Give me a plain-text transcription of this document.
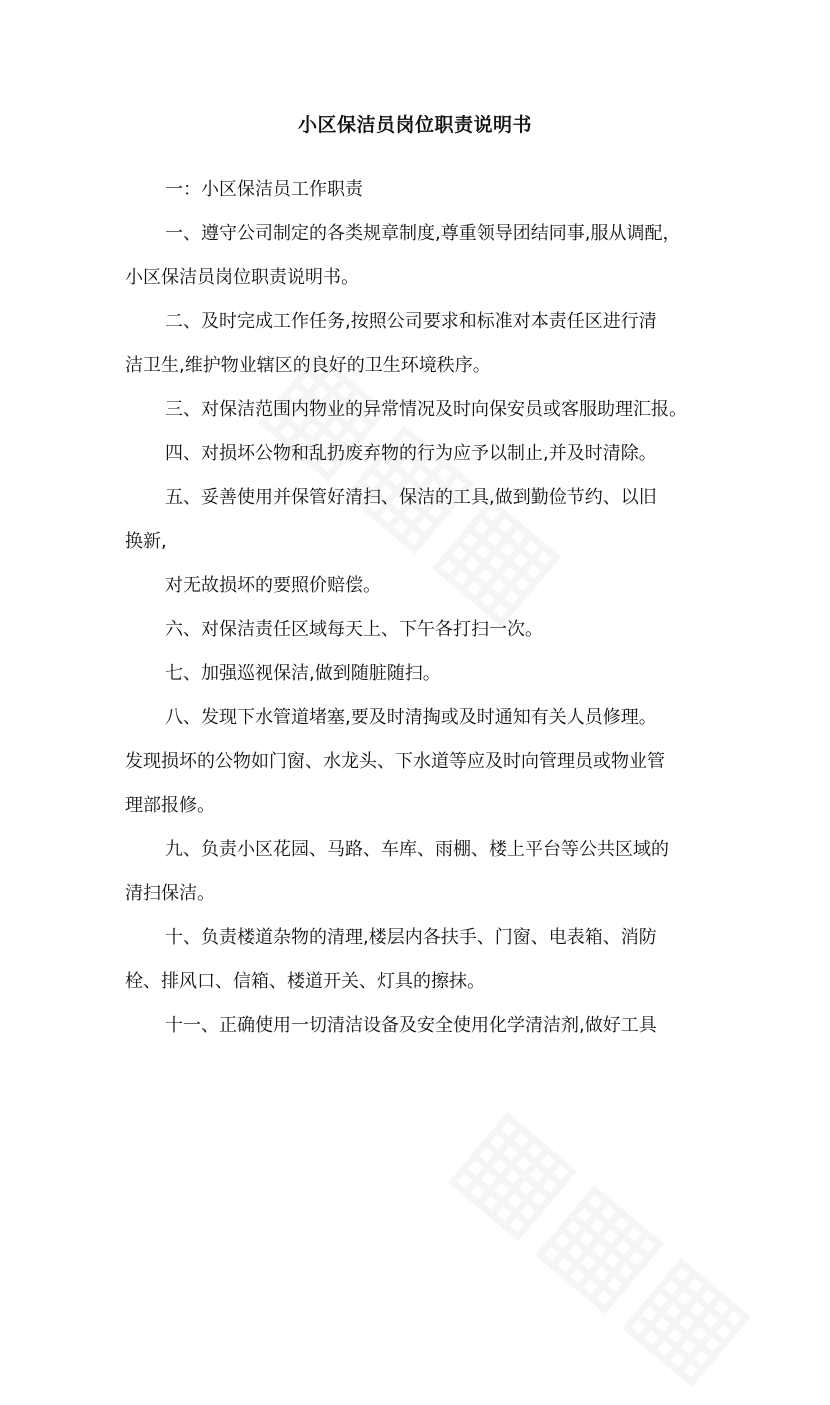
小区保洁员岗位职责说明书
一：小区保洁员工作职责
一、遵守公司制定的各类规章制度,尊重领导团结同事,服从调配，
小区保洁员岗位职责说明书。
二、及时完成工作任务,按照公司要求和标准对本责任区进行清
洁卫生,维护物业辖区的良好的卫生环境秩序。
三、对保洁范围内物业的异常情况及时向保安员或客服助理汇报。
四、对损坏公物和乱扔废弃物的行为应予以制止,并及时清除。
五、妥善使用并保管好清扫、保洁的工具,做到勤俭节约、以旧
换新,
对无故损坏的要照价赔偿。
六、对保洁责任区域每天上、下午各打扫一次。
七、加强巡视保洁,做到随脏随扫。
八、发现下水管道堵塞,要及时清掏或及时通知有关人员修理。
发现损坏的公物如门窗、水龙头、下水道等应及时向管理员或物业管
理部报修。
九、负责小区花园、马路、车库、雨棚、楼上平台等公共区域的
清扫保洁。
十、负责楼道杂物的清理,楼层内各扶手、门窗、电表箱、消防
栓、排风口、信箱、楼道开关、灯具的擦抹。
十一、正确使用一切清洁设备及安全使用化学清洁剂,做好工具
